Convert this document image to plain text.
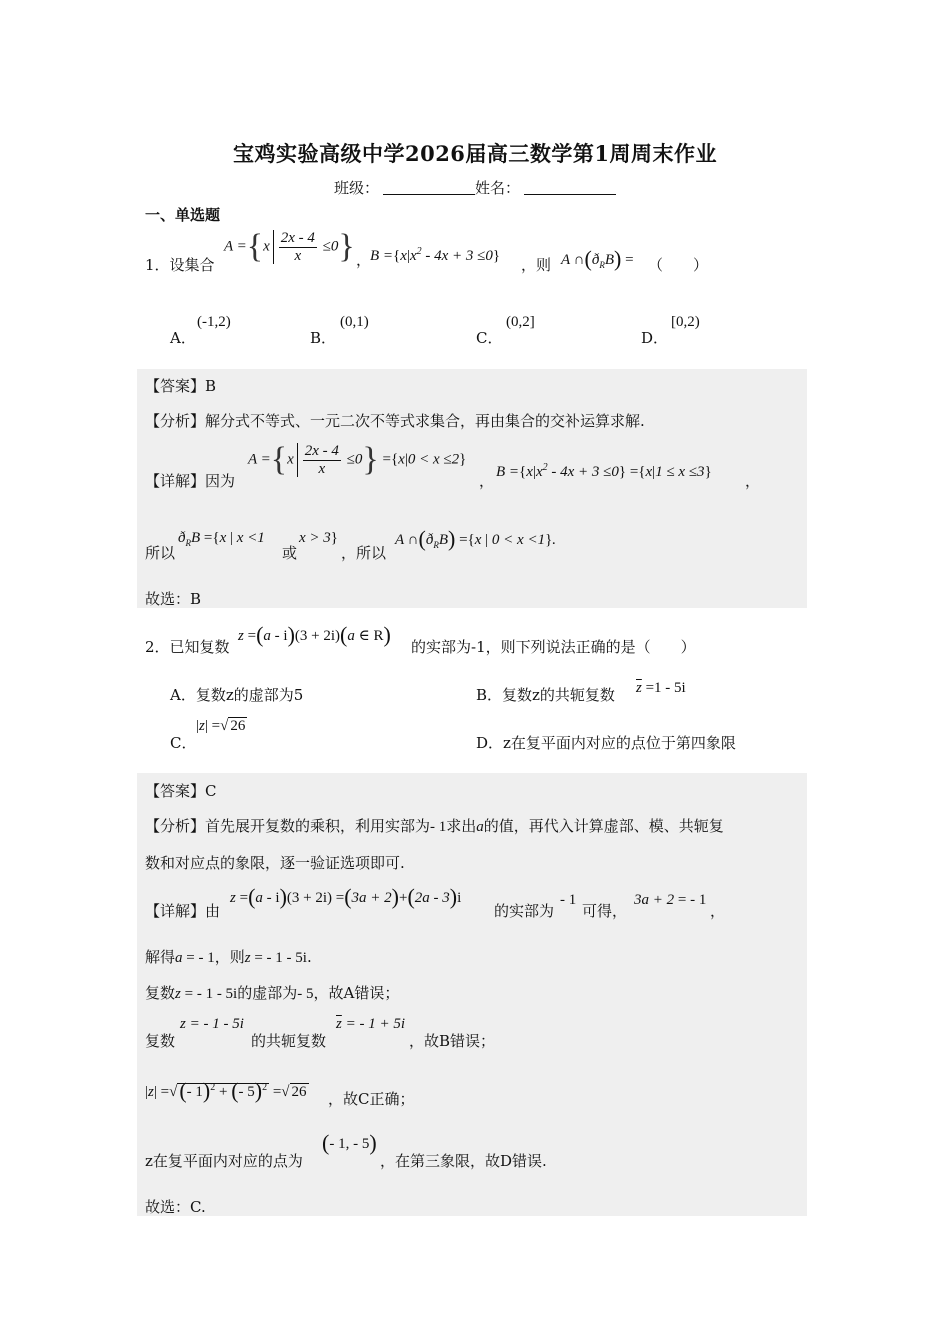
宝鸡实验高级中学2026届高三数学第1周周末作业
班级：	姓名：
一、单选题
1．设集合
$A =\{x \frac{2x - 4}{x} \le 0\}$ ，
$B =\{x|x^2 - 4x + 3 \le 0\}$ ，则 A $\cap(ð_RB)$ = （　　）
A．
(-1,2)
B．
(0,1)
C．
(0,2]
D．
[0,2)
【答案】B
【分析】解分式不等式、一元二次不等式求集合，再由集合的交补运算求解.
【详解】因为
$A =\{x \frac{2x - 4}{x} \le 0\} =\{x|0 < x \le 2\}$
， $B =\{x|x^2 - 4x + 3 \le 0\} =\{x|1 \le x \le 3\}$ ，
所以
$ð_RB =\{x$ | x <1
或
x > 3}
，所以
A $\cap(ð_RB) =\{x$ | 0 < x <1}.
故选：B
2．已知复数
z =(a - i)(3 + 2i)(a ∈ R) 的实部为-1，则下列说法正确的是（　　）
A．复数z的虚部为5	B．复数z的共轭复数 $\overline{z} =1 - 5i$
C．
|z| =√ 26
D．z在复平面内对应的点位于第四象限
【答案】C
【分析】首先展开复数的乘积，利用实部为- 1求出a的值，再代入计算虚部、模、共轭复
数和对应点的象限，逐一验证选项即可.
【详解】由
z =(a - i)(3 + 2i) =(3a + 2)+(2a - 3)i
的实部为
- 1
可得，
3a + 2 = - 1
，
解得a = - 1，则z = - 1 - 5i.
复数z = - 1 - 5i的虚部为- 5，故A错误；
复数
z = - 1 - 5i
的共轭复数
$\overline{z}$ = - 1 + 5i
，故B错误；
|z| =√(- 1)$^2$ + (- 5)$^2$ =√ 26 ，故C正确；
z在复平面内对应的点为
(- 1, - 5)
，在第三象限，故D错误.
故选：C.
